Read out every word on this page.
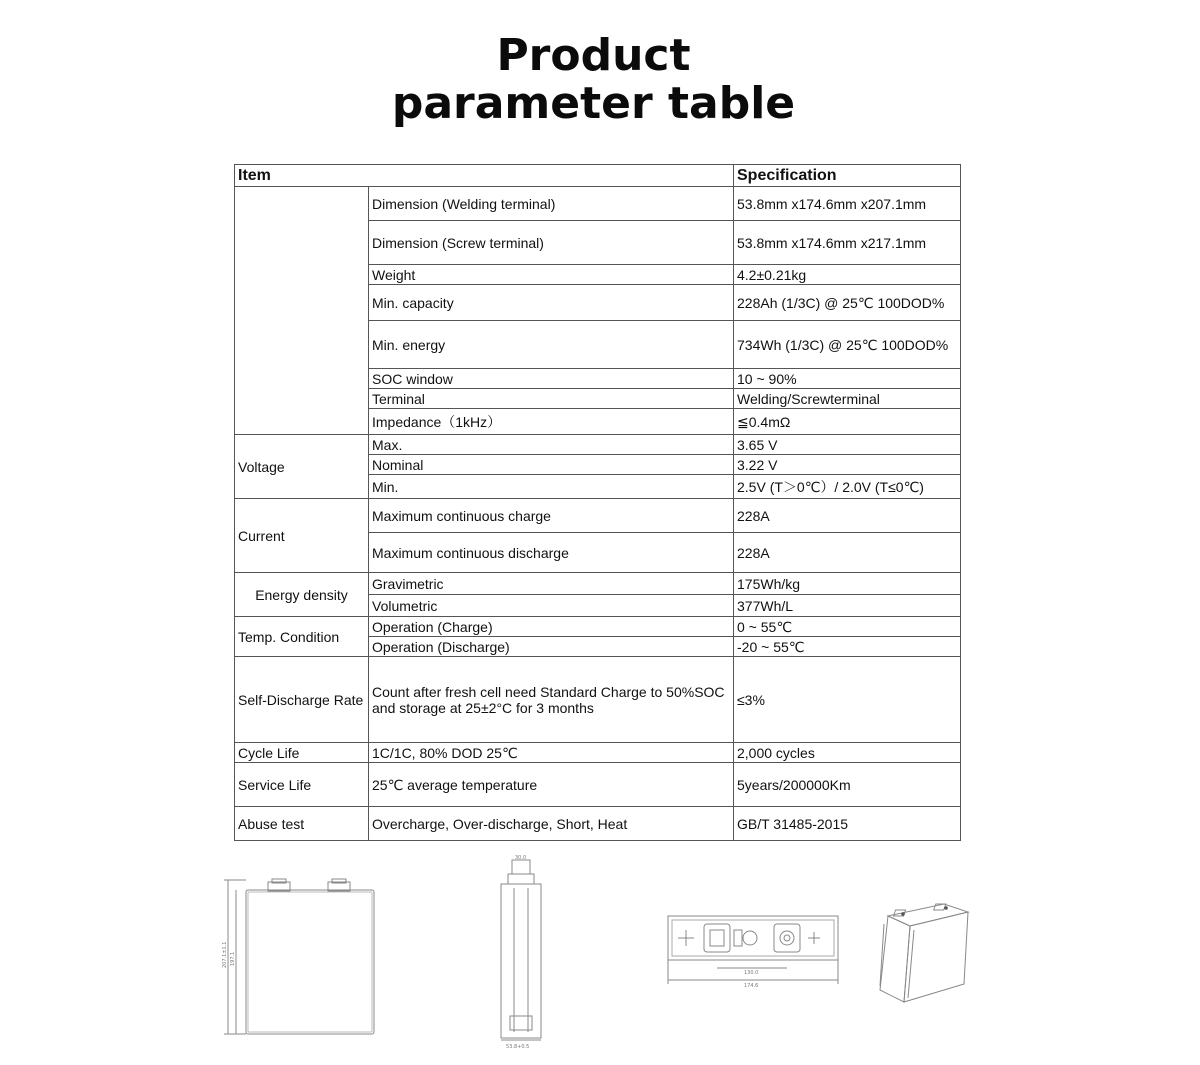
Product
parameter table
Item		Specification
	Dimension (Welding terminal)	53.8mm x174.6mm x207.1mm
	Dimension (Screw terminal)	53.8mm x174.6mm x217.1mm
	Weight	4.2±0.21kg
	Min. capacity	228Ah (1/3C) @ 25℃ 100DOD%
	Min. energy	734Wh (1/3C) @ 25℃ 100DOD%
	SOC window	10 ~ 90%
	Terminal	Welding/Screwterminal
	Impedance（1kHz）	≦0.4mΩ
Voltage	Max.	3.65 V
	Nominal	3.22 V
	Min.	2.5V (T＞0℃）/ 2.0V (T≤0℃)
Current	Maximum continuous charge	228A
	Maximum continuous discharge	228A
Energy density	Gravimetric	175Wh/kg
	Volumetric	377Wh/L
Temp. Condition	Operation (Charge)	0 ~ 55℃
	Operation (Discharge)	-20 ~ 55℃
Self-Discharge Rate	Count after fresh cell need Standard Charge to 50%SOC and storage at 25±2°C for 3 months	≤3%
Cycle Life	1C/1C, 80% DOD 25℃	2,000 cycles
Service Life	25℃ average temperature	5years/200000Km
Abuse test	Overcharge, Over-discharge, Short, Heat	GB/T 31485-2015
207.1±1.1 197.1
30.0
53.8+0.5
130.0
174.6
